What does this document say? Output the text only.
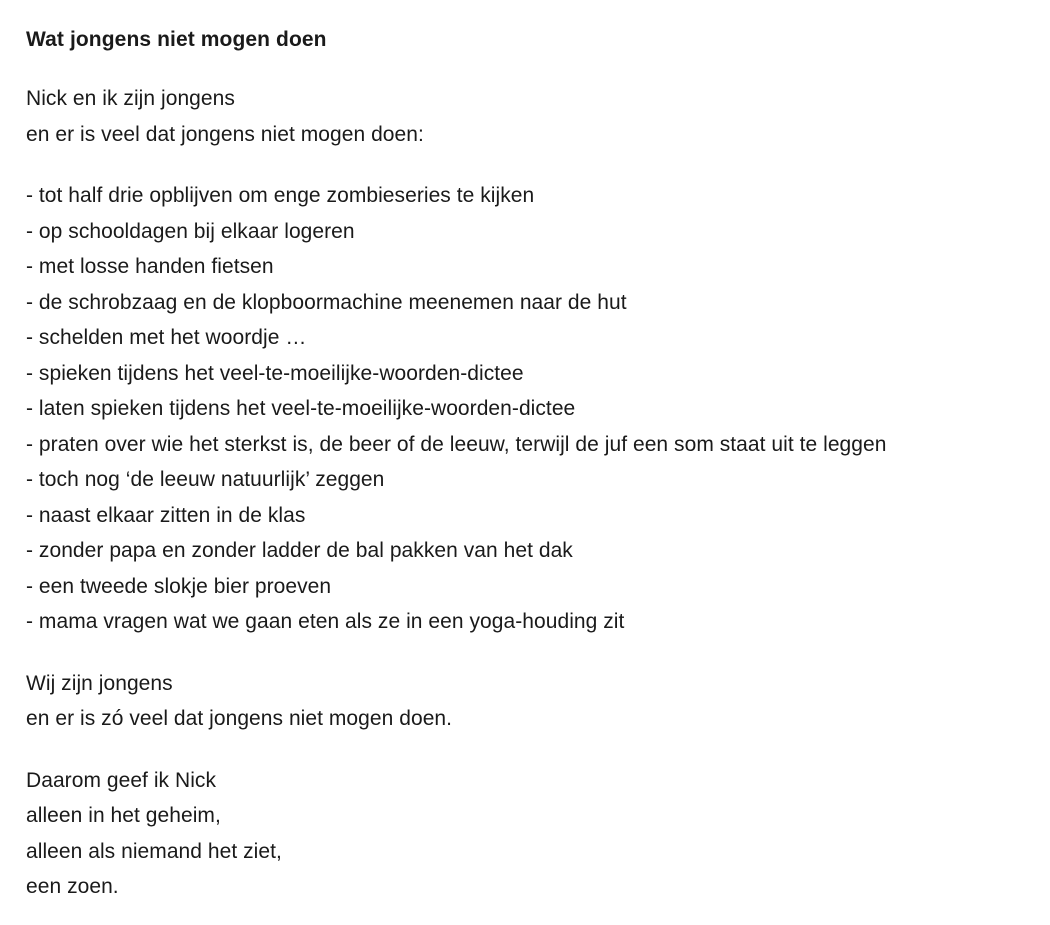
Wat jongens niet mogen doen
Nick en ik zijn jongens
en er is veel dat jongens niet mogen doen:
- tot half drie opblijven om enge zombieseries te kijken
- op schooldagen bij elkaar logeren
- met losse handen fietsen
- de schrobzaag en de klopboormachine meenemen naar de hut
- schelden met het woordje …
- spieken tijdens het veel-te-moeilijke-woorden-dictee
- laten spieken tijdens het veel-te-moeilijke-woorden-dictee
- praten over wie het sterkst is, de beer of de leeuw, terwijl de juf een som staat uit te leggen
- toch nog ‘de leeuw natuurlijk’ zeggen
- naast elkaar zitten in de klas
- zonder papa en zonder ladder de bal pakken van het dak
- een tweede slokje bier proeven
- mama vragen wat we gaan eten als ze in een yoga-houding zit
Wij zijn jongens
en er is zó veel dat jongens niet mogen doen.
Daarom geef ik Nick
alleen in het geheim,
alleen als niemand het ziet,
een zoen.
